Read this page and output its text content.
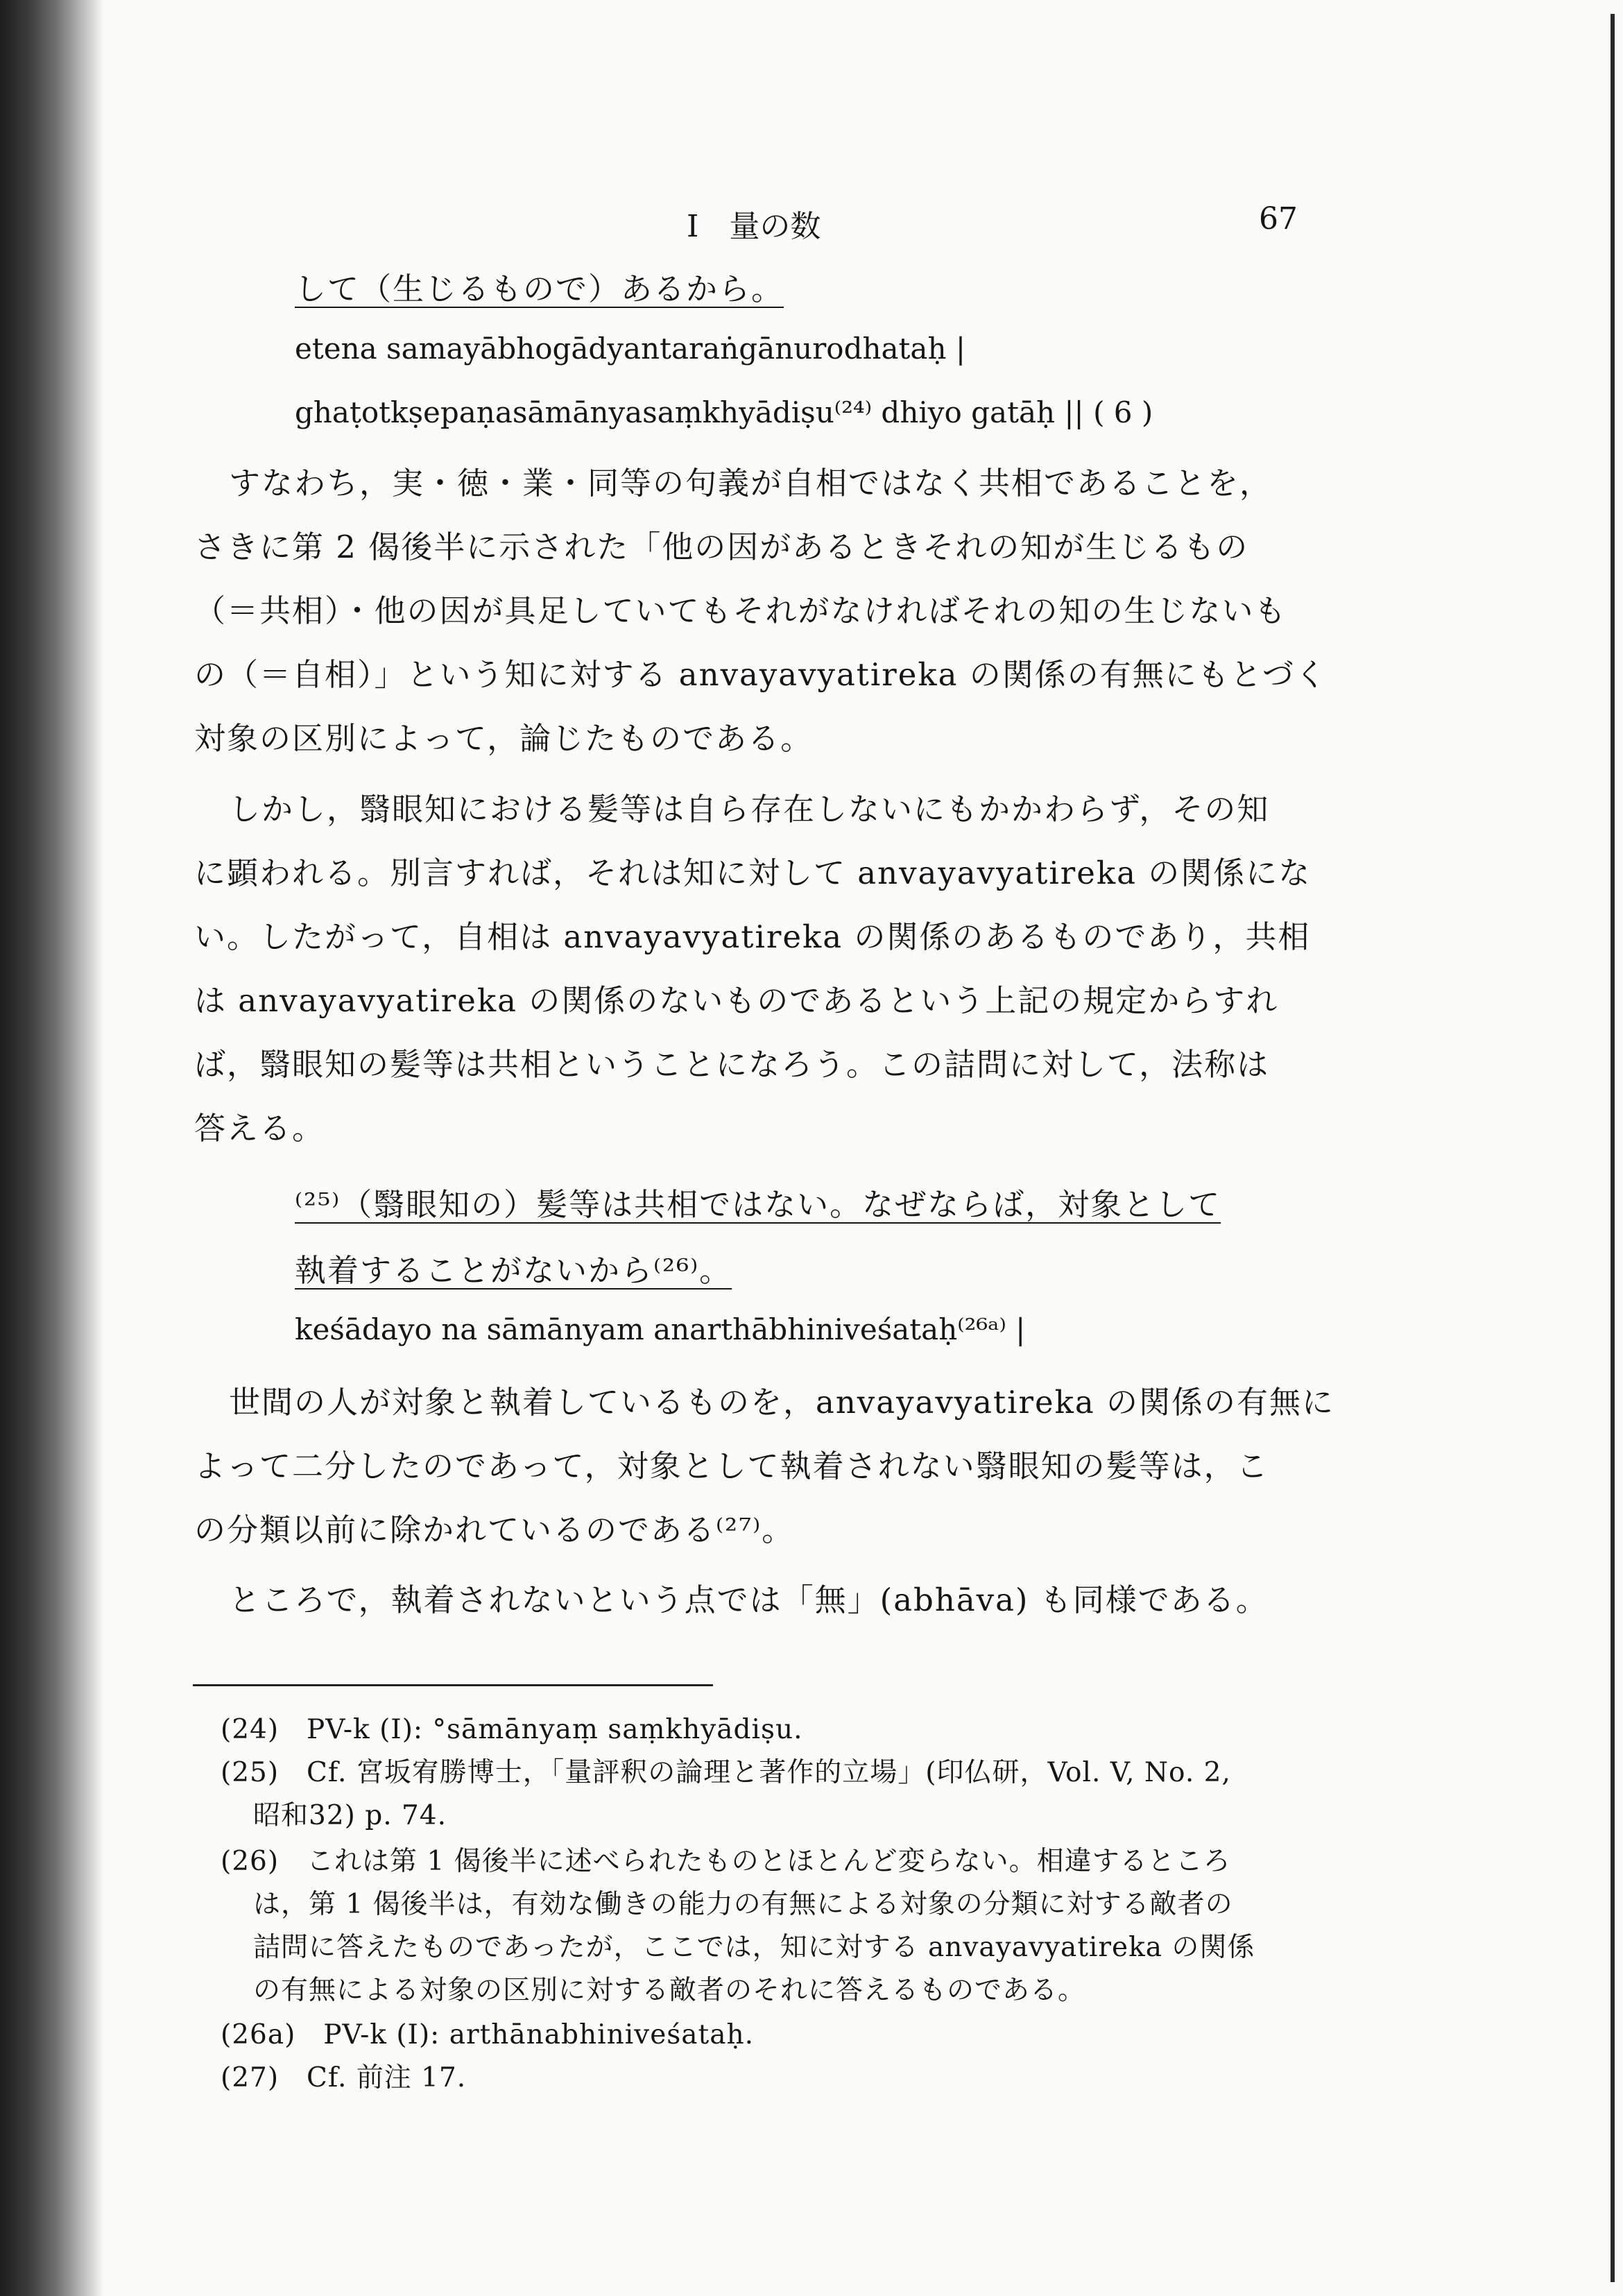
I　量の数	67
して（生じるもので）あるから。
etena samayābhogādyantaraṅgānurodhataḥ |
ghaṭotkṣepaṇasāmānyasaṃkhyādiṣu⁽²⁴⁾ dhiyo gatāḥ || ( 6 )
すなわち，実・徳・業・同等の句義が自相ではなく共相であることを，
さきに第 2 偈後半に示された「他の因があるときそれの知が生じるもの
（＝共相）・他の因が具足していてもそれがなければそれの知の生じないも
の（＝自相）」という知に対する anvayavyatireka の関係の有無にもとづく
対象の区別によって，論じたものである。
しかし，翳眼知における髪等は自ら存在しないにもかかわらず，その知
に顕われる。別言すれば，それは知に対して anvayavyatireka の関係にな
い。したがって，自相は anvayavyatireka の関係のあるものであり，共相
は anvayavyatireka の関係のないものであるという上記の規定からすれ
ば，翳眼知の髪等は共相ということになろう。この詰問に対して，法称は
答える。
⁽²⁵⁾（翳眼知の）髪等は共相ではない。なぜならば，対象として
執着することがないから⁽²⁶⁾。
keśādayo na sāmānyam anarthābhiniveśataḥ⁽²⁶ᵃ⁾ |
世間の人が対象と執着しているものを，anvayavyatireka の関係の有無に
よって二分したのであって，対象として執着されない翳眼知の髪等は，こ
の分類以前に除かれているのである⁽²⁷⁾。
ところで，執着されないという点では「無」(abhāva) も同様である。
(24)　PV-k (I): °sāmānyaṃ saṃkhyādiṣu.
(25)　Cf. 宮坂宥勝博士，「量評釈の論理と著作的立場」(印仏研，Vol. V, No. 2,
昭和32) p. 74.
(26)　これは第 1 偈後半に述べられたものとほとんど変らない。相違するところ
は，第 1 偈後半は，有効な働きの能力の有無による対象の分類に対する敵者の
詰問に答えたものであったが，ここでは，知に対する anvayavyatireka の関係
の有無による対象の区別に対する敵者のそれに答えるものである。
(26a)　PV-k (I): arthānabhiniveśataḥ.
(27)　Cf. 前注 17.
